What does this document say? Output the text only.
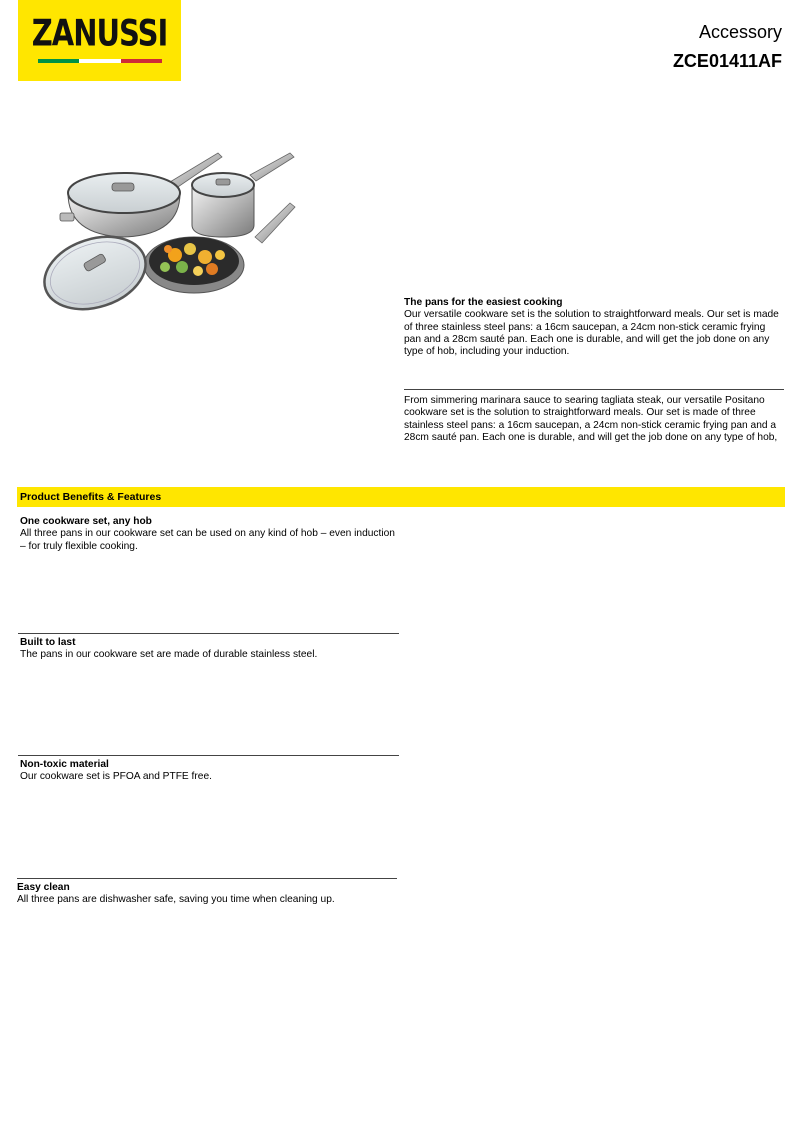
ZANUSSI	Accessory
ZCE01411AF
The pans for the easiest cooking
Our versatile cookware set is the solution to straightforward meals. Our set is made of three stainless steel pans: a 16cm saucepan, a 24cm non-stick ceramic frying pan and a 28cm sauté pan. Each one is durable, and will get the job done on any type of hob, including your induction.
From simmering marinara sauce to searing tagliata steak, our versatile Positano cookware set is the solution to straightforward meals. Our set is made of three stainless steel pans: a 16cm saucepan, a 24cm non-stick ceramic frying pan and a 28cm sauté pan. Each one is durable, and will get the job done on any type of hob,
Product Benefits & Features
One cookware set, any hob
All three pans in our cookware set can be used on any kind of hob – even induction – for truly flexible cooking.
Built to last
The pans in our cookware set are made of durable stainless steel.
Non-toxic material
Our cookware set is PFOA and PTFE free.
Easy clean
All three pans are dishwasher safe, saving you time when cleaning up.
